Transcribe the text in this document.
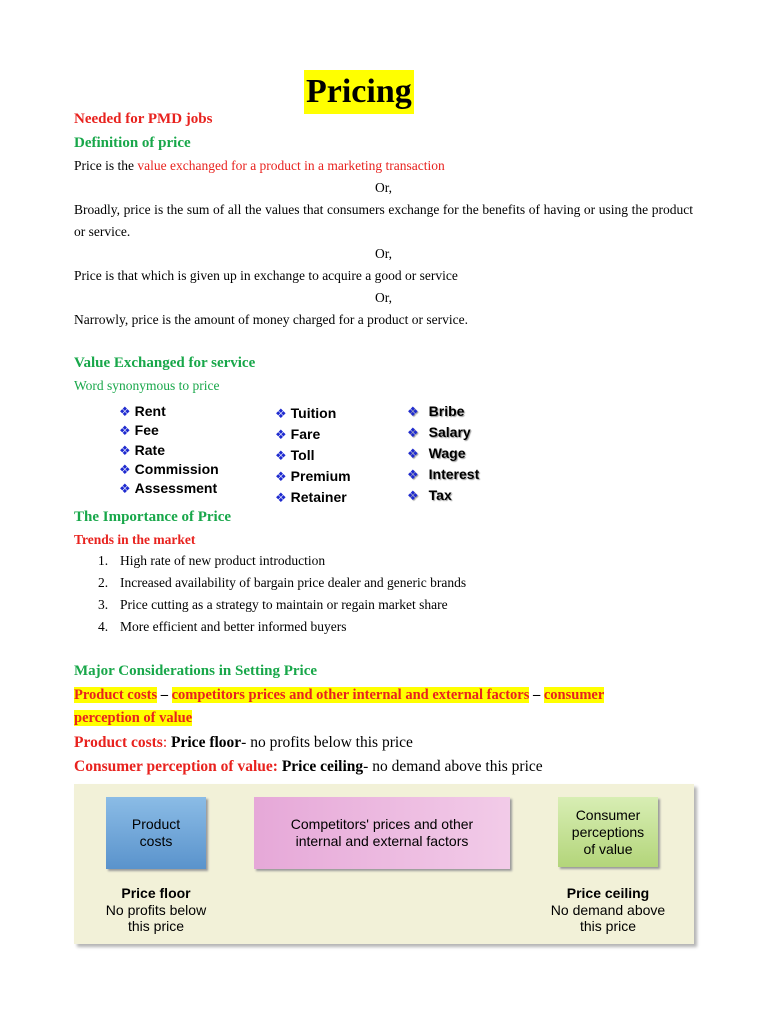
Pricing
Needed for PMD jobs
Definition of price
Price is the value exchanged for a product in a marketing transaction
Or,
Broadly, price is the sum of all the values that consumers exchange for the benefits of having or using the product or service.
Or,
Price is that which is given up in exchange to acquire a good or service
Or,
Narrowly, price is the amount of money charged for a product or service.
Value Exchanged for service
Word synonymous to price
❖ Rent
❖ Fee
❖ Rate
❖ Commission
❖ Assessment
❖ Tuition
❖ Fare
❖ Toll
❖ Premium
❖ Retainer
❖ Bribe
❖ Salary
❖ Wage
❖ Interest
❖ Tax
The Importance of Price
Trends in the market
1. High rate of new product introduction
2. Increased availability of bargain price dealer and generic brands
3. Price cutting as a strategy to maintain or regain market share
4. More efficient and better informed buyers
Major Considerations in Setting Price
Product costs – competitors prices and other internal and external factors – consumer
perception of value
Product costs: Price floor- no profits below this price
Consumer perception of value: Price ceiling- no demand above this price
Product
costs
Competitors' prices and other
internal and external factors
Consumer
perceptions
of value
Price floor
No profits below
this price
Price ceiling
No demand above
this price
